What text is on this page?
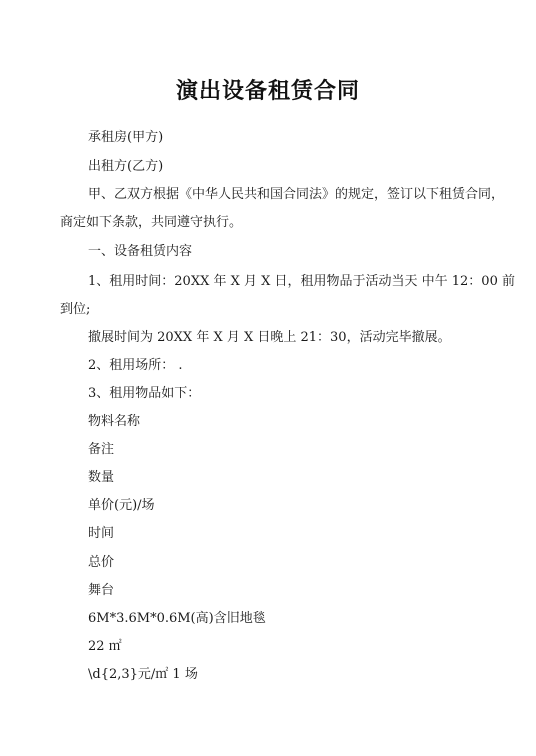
演出设备租赁合同
承租房(甲方)
出租方(乙方)
甲、乙双方根据《中华人民共和国合同法》的规定，签订以下租赁合同，
商定如下条款，共同遵守执行。
一、设备租赁内容
1、租用时间：20XX 年 X 月 X 日，租用物品于活动当天 中午 12：00 前
到位;
撤展时间为 20XX 年 X 月 X 日晚上 21：30，活动完毕撤展。
2、租用场所： .
3、租用物品如下：
物料名称
备注
数量
单价(元)/场
时间
总价
舞台
6M*3.6M*0.6M(高)含旧地毯
22 ㎡
\d{2,3}元/㎡ 1 场
